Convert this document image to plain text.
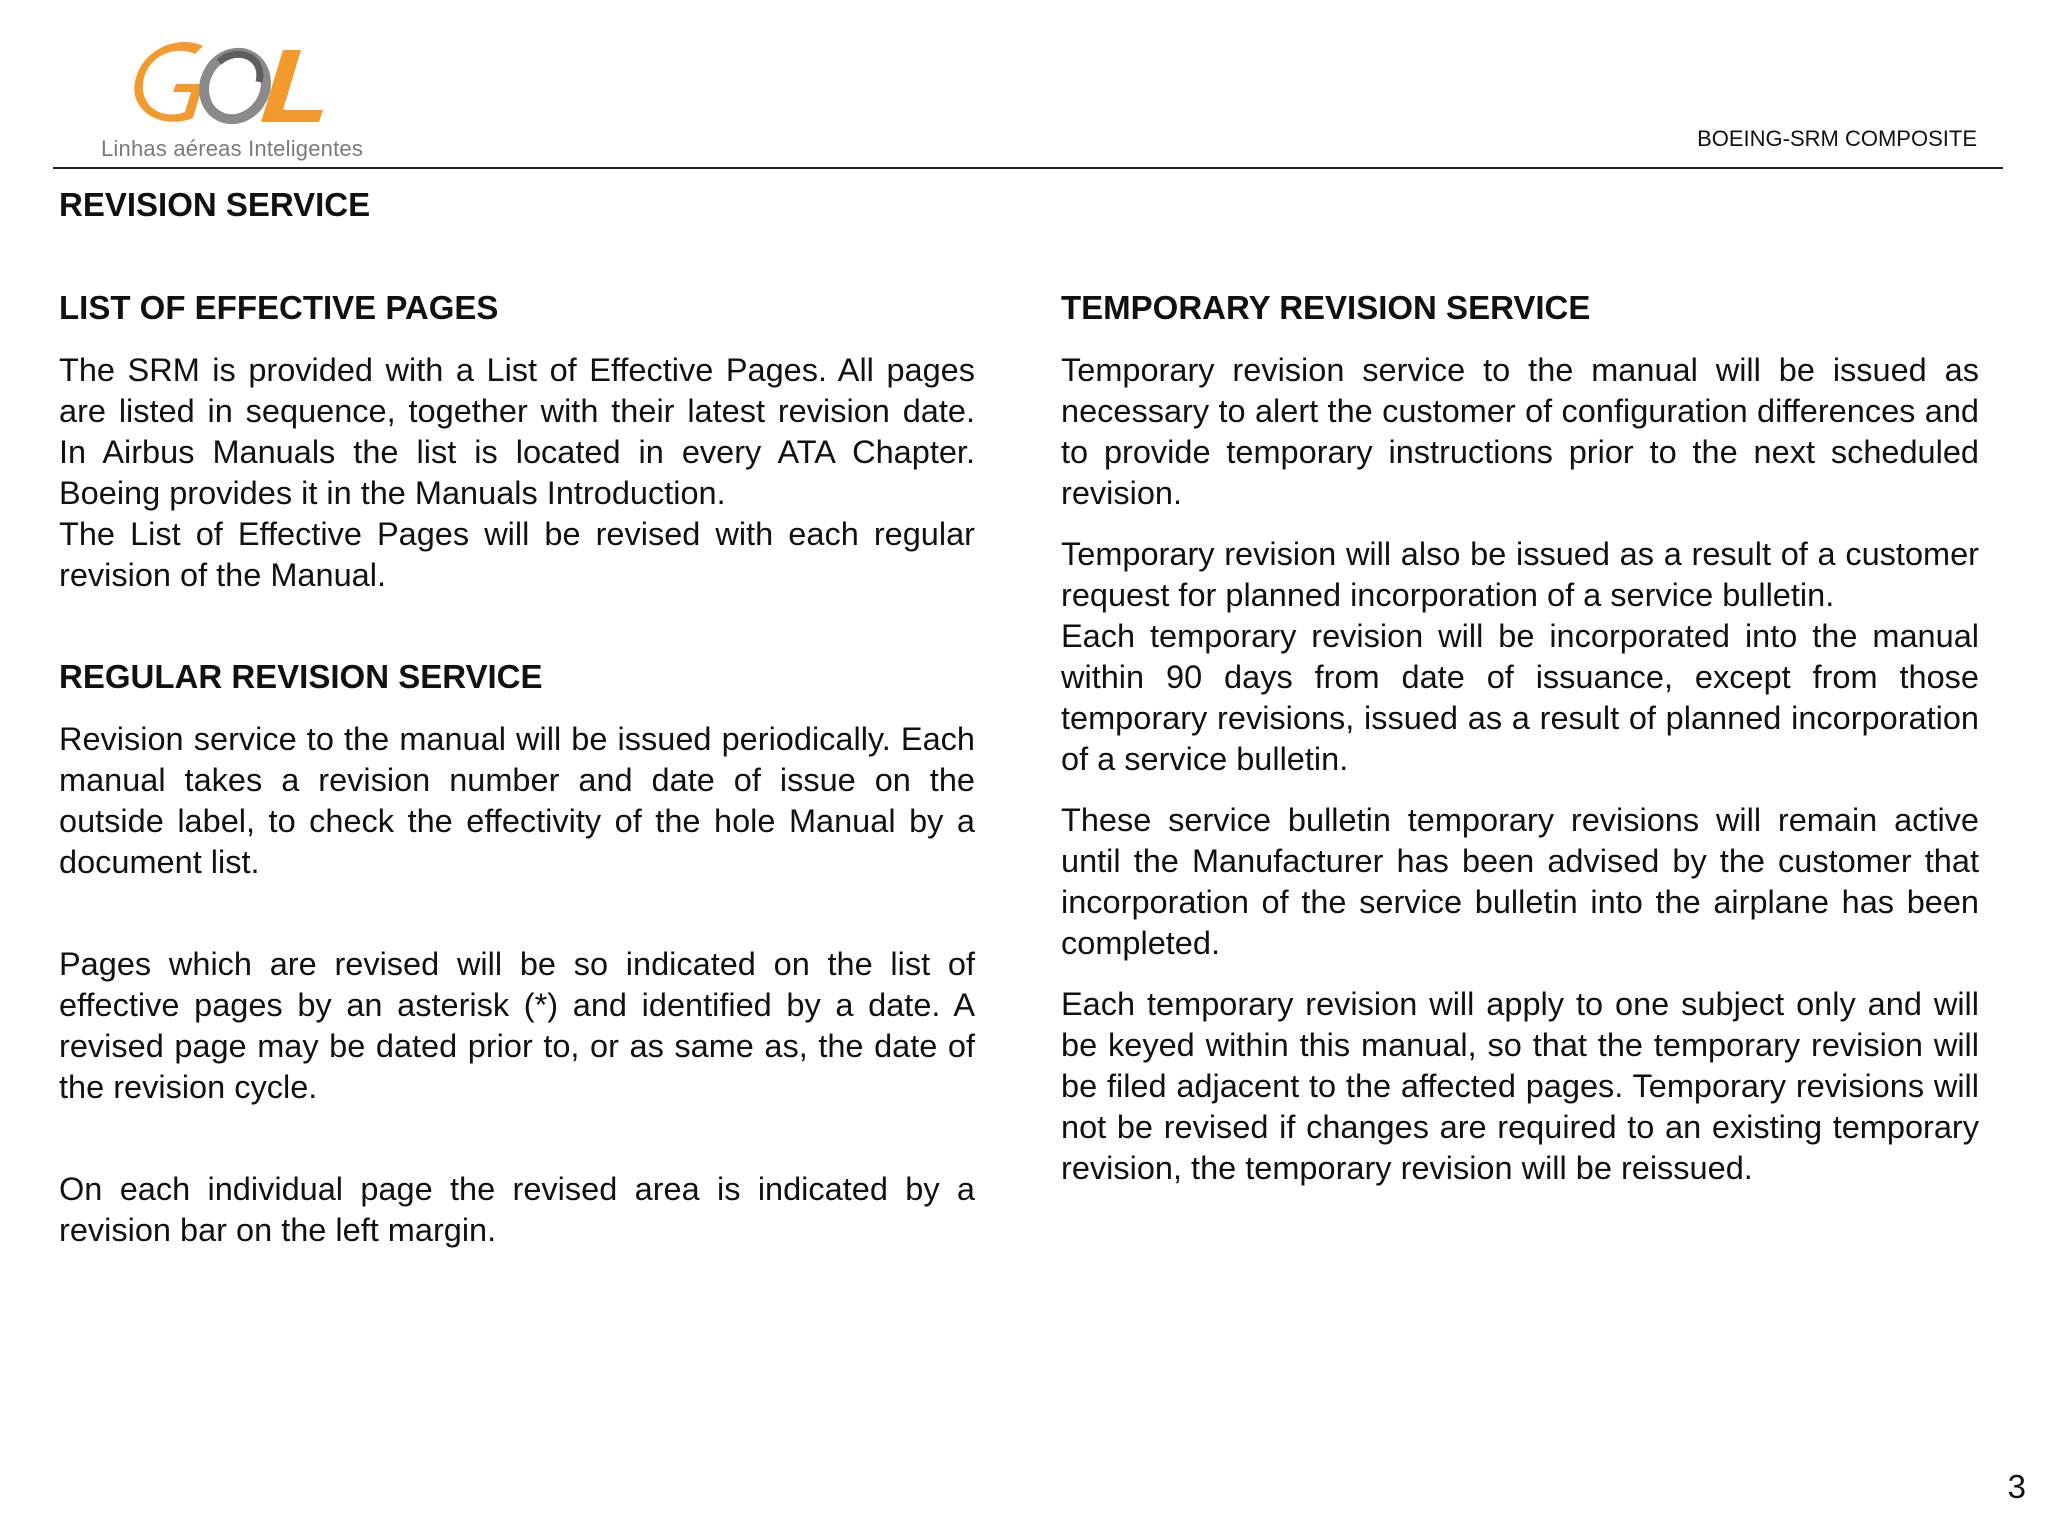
Linhas aéreas Inteligentes	BOEING-SRM COMPOSITE
REVISION SERVICE
LIST OF EFFECTIVE PAGES

The SRM is provided with a List of Effective Pages. All pages are listed in sequence, together with their latest revision date. In Airbus Manuals the list is located in every ATA Chapter. Boeing provides it in the Manuals Introduction.

The List of Effective Pages will be revised with each regular revision of the Manual.

REGULAR REVISION SERVICE

Revision service to the manual will be issued periodically. Each manual takes a revision number and date of issue on the outside label, to check the effectivity of the hole Manual by a document list.

Pages which are revised will be so indicated on the list of effective pages by an asterisk (*) and identified by a date. A revised page may be dated prior to, or as same as, the date of the revision cycle.

On each individual page the revised area is indicated by a revision bar on the left margin.

TEMPORARY REVISION SERVICE

Temporary revision service to the manual will be issued as necessary to alert the customer of configuration differences and to provide temporary instructions prior to the next scheduled revision.

Temporary revision will also be issued as a result of a customer request for planned incorporation of a service bulletin.

Each temporary revision will be incorporated into the manual within 90 days from date of issuance, except from those temporary revisions, issued as a result of planned incorporation of a service bulletin.

These service bulletin temporary revisions will remain active until the Manufacturer has been advised by the customer that incorporation of the service bulletin into the airplane has been completed.

Each temporary revision will apply to one subject only and will be keyed within this manual, so that the temporary revision will be filed adjacent to the affected pages. Temporary revisions will not be revised if changes are required to an existing temporary revision, the temporary revision will be reissued.

3
